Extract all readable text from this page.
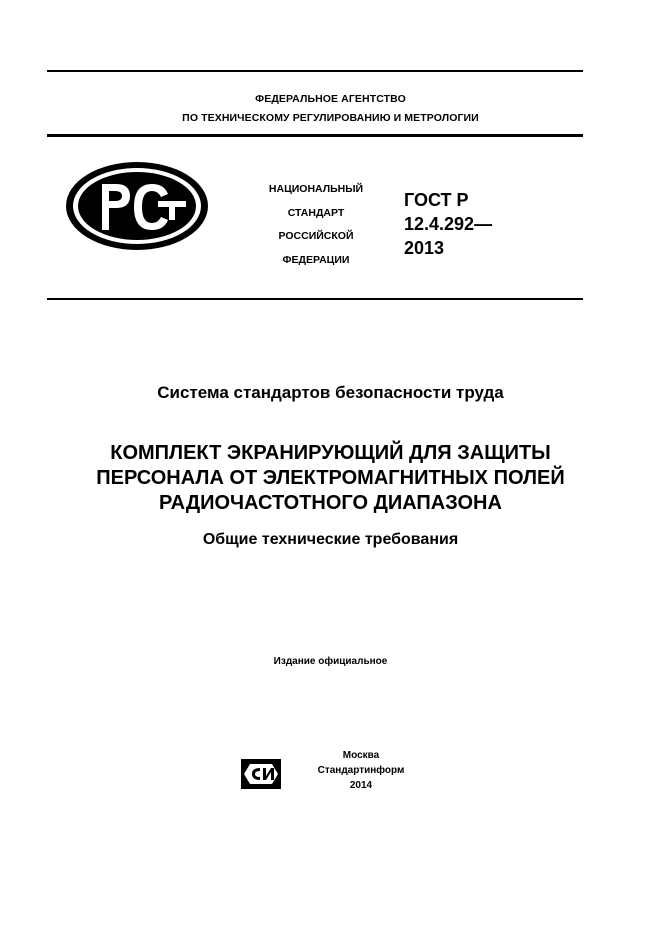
ФЕДЕРАЛЬНОЕ АГЕНТСТВО
ПО ТЕХНИЧЕСКОМУ РЕГУЛИРОВАНИЮ И МЕТРОЛОГИИ
НАЦИОНАЛЬНЫЙ
СТАНДАРТ
РОССИЙСКОЙ
ФЕДЕРАЦИИ
ГОСТ Р
12.4.292—
2013
Система стандартов безопасности труда
КОМПЛЕКТ ЭКРАНИРУЮЩИЙ ДЛЯ ЗАЩИТЫ
ПЕРСОНАЛА ОТ ЭЛЕКТРОМАГНИТНЫХ ПОЛЕЙ
РАДИОЧАСТОТНОГО ДИАПАЗОНА
Общие технические требования
Издание официальное
Москва
Стандартинформ
2014
